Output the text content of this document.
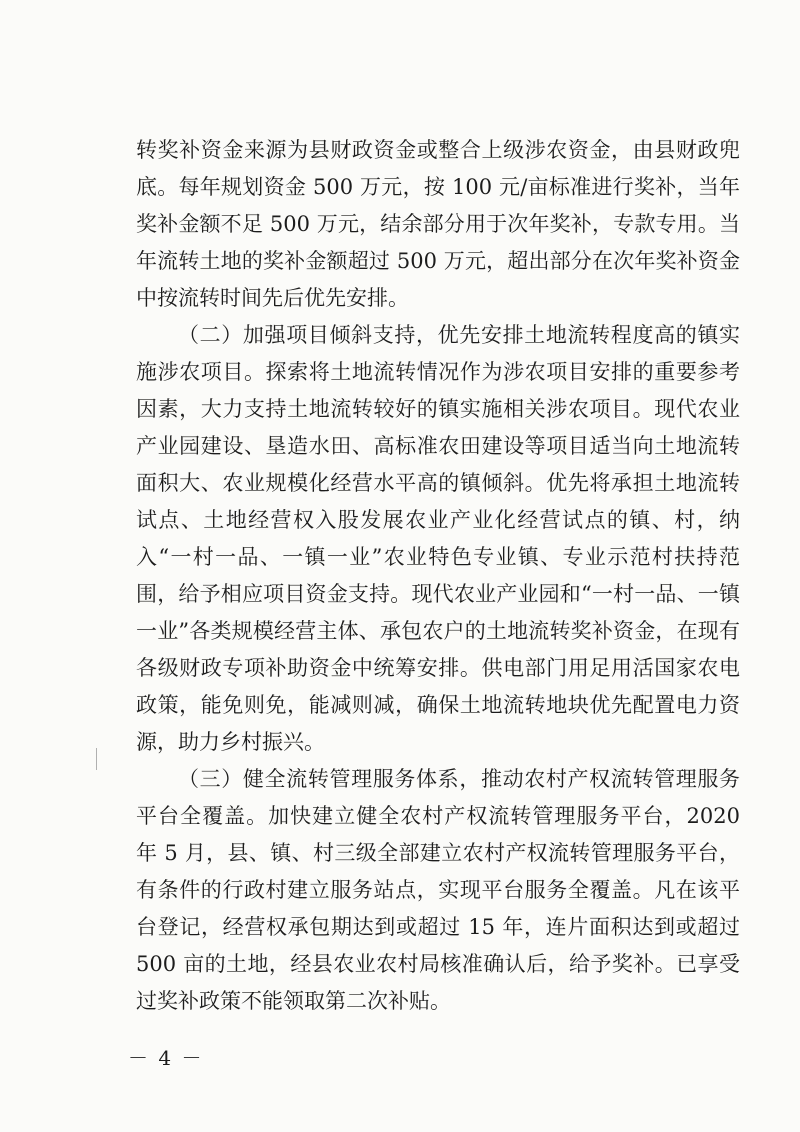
转奖补资金来源为县财政资金或整合上级涉农资金，由县财政兜底。每年规划资金 500 万元，按 100 元/亩标准进行奖补，当年奖补金额不足 500 万元，结余部分用于次年奖补，专款专用。当年流转土地的奖补金额超过 500 万元，超出部分在次年奖补资金中按流转时间先后优先安排。

（二）加强项目倾斜支持，优先安排土地流转程度高的镇实施涉农项目。探索将土地流转情况作为涉农项目安排的重要参考因素，大力支持土地流转较好的镇实施相关涉农项目。现代农业产业园建设、垦造水田、高标准农田建设等项目适当向土地流转面积大、农业规模化经营水平高的镇倾斜。优先将承担土地流转试点、土地经营权入股发展农业产业化经营试点的镇、村，纳入“一村一品、一镇一业”农业特色专业镇、专业示范村扶持范围，给予相应项目资金支持。现代农业产业园和“一村一品、一镇一业”各类规模经营主体、承包农户的土地流转奖补资金，在现有各级财政专项补助资金中统筹安排。供电部门用足用活国家农电政策，能免则免，能减则减，确保土地流转地块优先配置电力资源，助力乡村振兴。

（三）健全流转管理服务体系，推动农村产权流转管理服务平台全覆盖。加快建立健全农村产权流转管理服务平台，2020 年 5 月，县、镇、村三级全部建立农村产权流转管理服务平台，有条件的行政村建立服务站点，实现平台服务全覆盖。凡在该平台登记，经营权承包期达到或超过 15 年，连片面积达到或超过 500 亩的土地，经县农业农村局核准确认后，给予奖补。已享受过奖补政策不能领取第二次补贴。

－ 4 －
